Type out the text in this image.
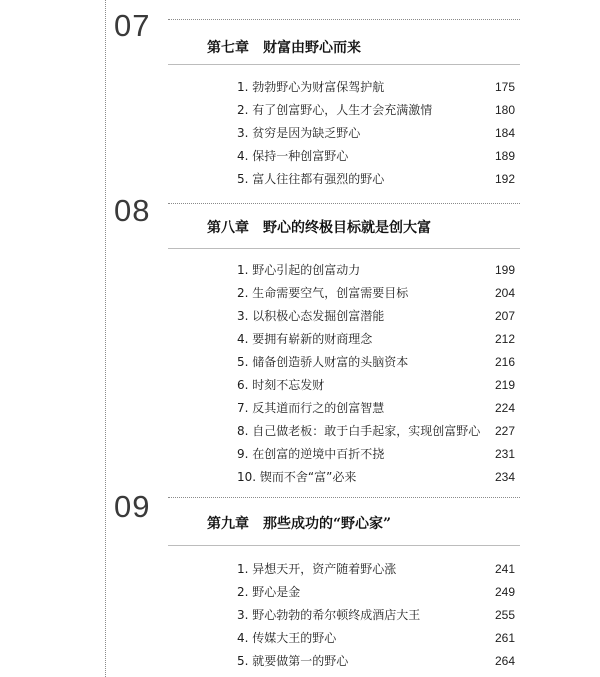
07
第七章 财富由野心而来
1. 勃勃野心为财富保驾护航	175
2. 有了创富野心，人生才会充满激情	180
3. 贫穷是因为缺乏野心	184
4. 保持一种创富野心	189
5. 富人往往都有强烈的野心	192
08	第八章 野心的终极目标就是创大富
1. 野心引起的创富动力	199
2. 生命需要空气，创富需要目标	204
3. 以积极心态发掘创富潜能	207
4. 要拥有崭新的财商理念	212
5. 储备创造骄人财富的头脑资本	216
6. 时刻不忘发财	219
7. 反其道而行之的创富智慧	224
8. 自己做老板：敢于白手起家，实现创富野心 227
9. 在创富的逆境中百折不挠	231
10. 锲而不舍“富”必来	234
09	第九章 那些成功的“野心家”
1. 异想天开，资产随着野心涨	241
2. 野心是金	249
3. 野心勃勃的希尔顿终成酒店大王	255
4. 传媒大王的野心	261
5. 就要做第一的野心	264
